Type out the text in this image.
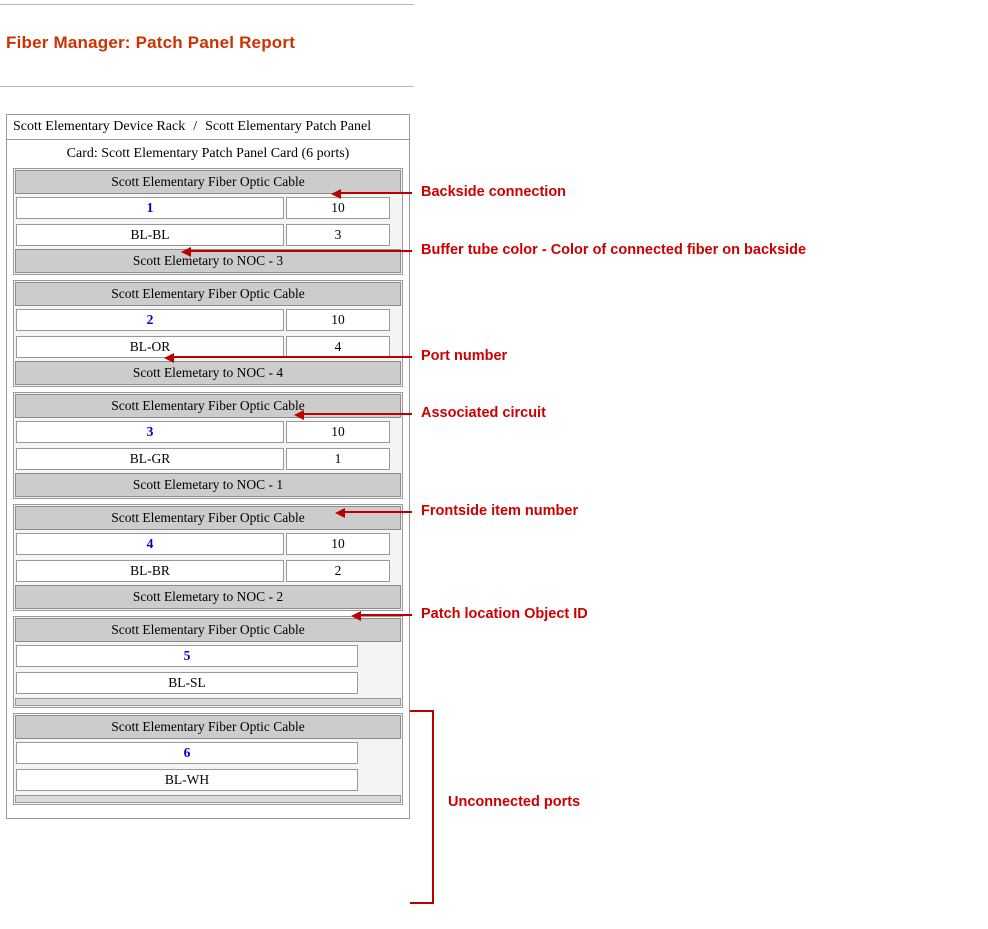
Fiber Manager: Patch Panel Report
Scott Elementary Device Rack / Scott Elementary Patch Panel
Card: Scott Elementary Patch Panel Card (6 ports)
Scott Elementary Fiber Optic Cable
1	10
BL-BL	3
Scott Elemetary to NOC - 3
Scott Elementary Fiber Optic Cable
2	10
BL-OR	4
Scott Elemetary to NOC - 4
Scott Elementary Fiber Optic Cable
3	10
BL-GR	1
Scott Elemetary to NOC - 1
Scott Elementary Fiber Optic Cable
4	10
BL-BR	2
Scott Elemetary to NOC - 2
Scott Elementary Fiber Optic Cable
5
BL-SL
Scott Elementary Fiber Optic Cable
6
BL-WH
Backside connection
Buffer tube color - Color of connected fiber on backside
Port number
Associated circuit
Frontside item number
Patch location Object ID
Unconnected ports
